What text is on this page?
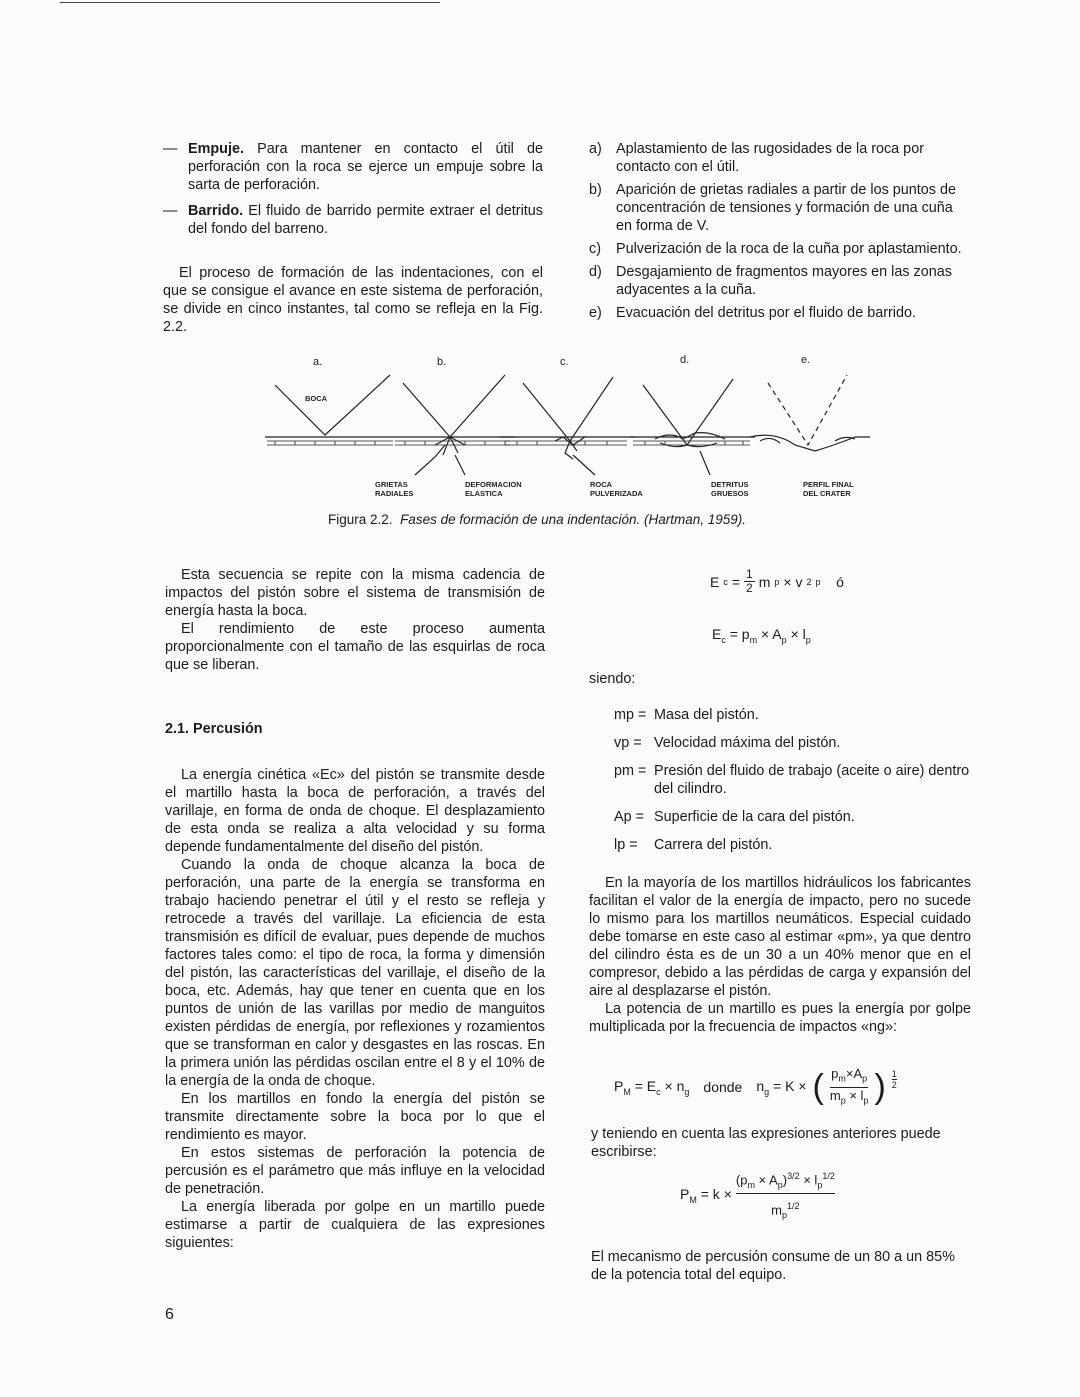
— Empuje. Para mantener en contacto el útil de perforación con la roca se ejerce un empuje sobre la sarta de perforación.
— Barrido. El fluido de barrido permite extraer el detritus del fondo del barreno.

El proceso de formación de las indentaciones, con el que se consigue el avance en este sistema de perforación, se divide en cinco instantes, tal como se refleja en la Fig. 2.2.

Esta secuencia se repite con la misma cadencia de impactos del pistón sobre el sistema de transmisión de energía hasta la boca.

El rendimiento de este proceso aumenta proporcionalmente con el tamaño de las esquirlas de roca que se liberan.

2.1. Percusión

La energía cinética «Ec» del pistón se transmite desde el martillo hasta la boca de perforación, a través del varillaje, en forma de onda de choque. El desplazamiento de esta onda se realiza a alta velocidad y su forma depende fundamentalmente del diseño del pistón.

Cuando la onda de choque alcanza la boca de perforación, una parte de la energía se transforma en trabajo haciendo penetrar el útil y el resto se refleja y retrocede a través del varillaje. La eficiencia de esta transmisión es difícil de evaluar, pues depende de muchos factores tales como: el tipo de roca, la forma y dimensión del pistón, las características del varillaje, el diseño de la boca, etc. Además, hay que tener en cuenta que en los puntos de unión de las varillas por medio de manguitos existen pérdidas de energía, por reflexiones y rozamientos que se transforman en calor y desgastes en las roscas. En la primera unión las pérdidas oscilan entre el 8 y el 10% de la energía de la onda de choque.

En los martillos en fondo la energía del pistón se transmite directamente sobre la boca por lo que el rendimiento es mayor.

En estos sistemas de perforación la potencia de percusión es el parámetro que más influye en la velocidad de penetración.

La energía liberada por golpe en un martillo puede estimarse a partir de cualquiera de las expresiones siguientes:

a) Aplastamiento de las rugosidades de la roca por contacto con el útil.
b) Aparición de grietas radiales a partir de los puntos de concentración de tensiones y formación de una cuña en forma de V.
c) Pulverización de la roca de la cuña por aplastamiento.
d) Desgajamiento de fragmentos mayores en las zonas adyacentes a la cuña.
e) Evacuación del detritus por el fluido de barrido.
a.	b.	c.	d.	e.
BOCA
GRIETAS
RADIALES
DEFORMACION
ELASTICA
ROCA
PULVERIZADA
DETRITUS
GRUESOS
PERFIL FINAL
DEL CRATER
Figura 2.2. Fases de formación de una indentación. (Hartman, 1959).
E c = 1
2 m p × v 2 p ó
$E_c = p_m \times A_p \times l_p$
siendo:
mp = Masa del pistón.
vp = Velocidad máxima del pistón.
pm = Presión del fluido de trabajo (aceite o aire) dentro del cilindro.
Ap = Superficie de la cara del pistón.
lp =	Carrera del pistón.

En la mayoría de los martillos hidráulicos los fabricantes facilitan el valor de la energía de impacto, pero no sucede lo mismo para los martillos neumáticos. Especial cuidado debe tomarse en este caso al estimar «pm», ya que dentro del cilindro ésta es de un 30 a un 40% menor que en el compresor, debido a las pérdidas de carga y expansión del aire al desplazarse el pistón.

La potencia de un martillo es pues la energía por golpe multiplicada por la frecuencia de impactos «ng»:

$P_M = E_c \times n_g$ donde $n_g = K$ × ( $p_m\times A_p$
$m_p \times l_p$ ) 1
2
y teniendo en cuenta las expresiones anteriores puede escribirse:
$P_M = k \times \frac{(p_m \times A_p)^{3/2} \times l_p^{1/2}}{m_p^{1/2}}$
El mecanismo de percusión consume de un 80 a un 85% de la potencia total del equipo.
6
